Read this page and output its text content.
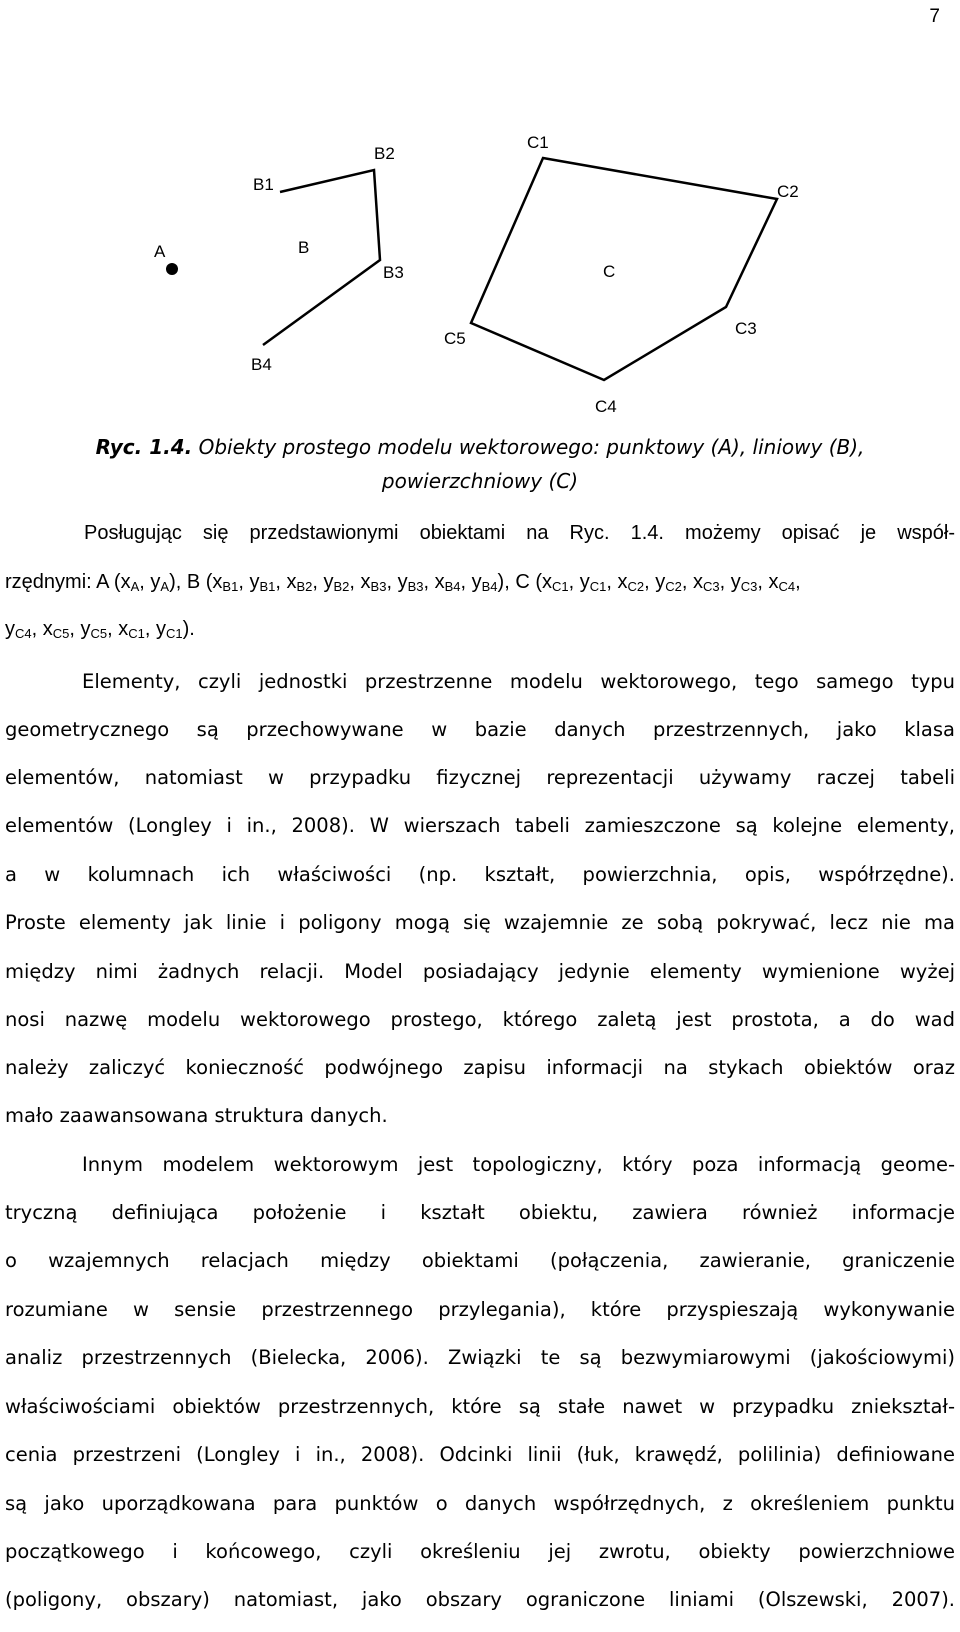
7
A
B1
B2
B3
B4
B
C1
C2
C3
C4
C5
C
Ryc. 1.4. Obiekty prostego modelu wektorowego: punktowy (A), liniowy (B),
powierzchniowy (C)
Posługując się przedstawionymi obiektami na Ryc. 1.4. możemy opisać je współ-
rzędnymi: A ($x_A$, $y_A$), B ($x_{B1}$, $y_{B1}$, $x_{B2}$, $y_{B2}$, $x_{B3}$, $y_{B3}$, $x_{B4}$, $y_{B4}$), C ($x_{C1}$, $y_{C1}$, $x_{C2}$, $y_{C2}$, $x_{C3}$, $y_{C3}$, $x_{C4}$,
$y_{C4}$, $x_{C5}$, $y_{C5}$, $x_{C1}$, $y_{C1}$).
Elementy, czyli jednostki przestrzenne modelu wektorowego, tego samego typu
geometrycznego są przechowywane w bazie danych przestrzennych, jako klasa
elementów, natomiast w przypadku fizycznej reprezentacji używamy raczej tabeli
elementów (Longley i in., 2008). W wierszach tabeli zamieszczone są kolejne elementy,
a w kolumnach ich właściwości (np. kształt, powierzchnia, opis, współrzędne).
Proste elementy jak linie i poligony mogą się wzajemnie ze sobą pokrywać, lecz nie ma
między nimi żadnych relacji. Model posiadający jedynie elementy wymienione wyżej
nosi nazwę modelu wektorowego prostego, którego zaletą jest prostota, a do wad
należy zaliczyć konieczność podwójnego zapisu informacji na stykach obiektów oraz
mało zaawansowana struktura danych.
Innym modelem wektorowym jest topologiczny, który poza informacją geome-
tryczną definiująca położenie i kształt obiektu, zawiera również informacje
o wzajemnych relacjach między obiektami (połączenia, zawieranie, graniczenie
rozumiane w sensie przestrzennego przylegania), które przyspieszają wykonywanie
analiz przestrzennych (Bielecka, 2006). Związki te są bezwymiarowymi (jakościowymi)
właściwościami obiektów przestrzennych, które są stałe nawet w przypadku zniekształ-
cenia przestrzeni (Longley i in., 2008). Odcinki linii (łuk, krawędź, polilinia) definiowane
są jako uporządkowana para punktów o danych współrzędnych, z określeniem punktu
początkowego i końcowego, czyli określeniu jej zwrotu, obiekty powierzchniowe
(poligony, obszary) natomiast, jako obszary ograniczone liniami (Olszewski, 2007).
